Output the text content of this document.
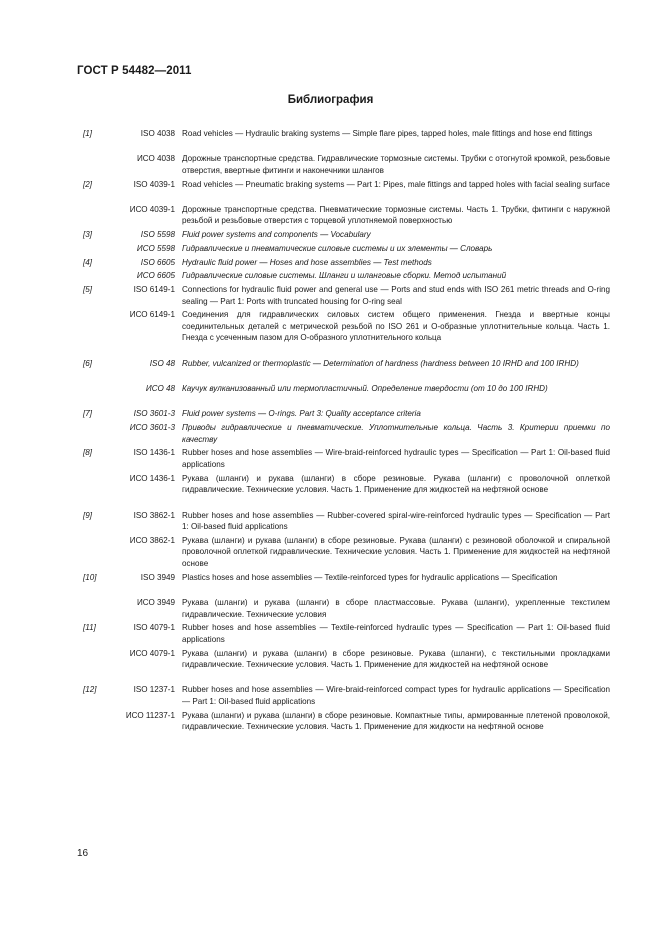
ГОСТ Р 54482—2011
Библиография
[1]	ISO 4038 Road vehicles — Hydraulic braking systems — Simple flare pipes, tapped holes, male fittings and hose end fittings
ИСО 4038 Дорожные транспортные средства. Гидравлические тормозные системы. Трубки с отогнутой кромкой, резьбовые отверстия, ввертные фитинги и наконечники шлангов
[2]	ISO 4039-1 Road vehicles — Pneumatic braking systems — Part 1: Pipes, male fittings and tapped holes with facial sealing surface
ИСО 4039-1 Дорожные транспортные средства. Пневматические тормозные системы. Часть 1. Трубки, фитинги с наружной резьбой и резьбовые отверстия с торцевой уплотняемой поверхностью
[3]	ISO 5598 Fluid power systems and components — Vocabulary
ИСО 5598 Гидравлические и пневматические силовые системы и их элементы — Словарь
[4]	ISO 6605 Hydraulic fluid power — Hoses and hose assemblies — Test methods
ИСО 6605 Гидравлические силовые системы. Шланги и шланговые сборки. Метод испытаний
[5]	ISO 6149-1 Connections for hydraulic fluid power and general use — Ports and stud ends with ISO 261 metric threads and O-ring sealing — Part 1: Ports with truncated housing for O-ring seal
ИСО 6149-1 Соединения для гидравлических силовых систем общего применения. Гнезда и ввертные концы соединительных деталей с метрической резьбой по ISO 261 и О-образные уплотнительные кольца. Часть 1. Гнезда с усеченным пазом для О-образного уплотнительного кольца
[6]	ISO 48 Rubber, vulcanized or thermoplastic — Determination of hardness (hardness between 10 IRHD and 100 IRHD)
ИСО 48 Каучук вулканизованный или термопластичный. Определение твердости (от 10 до 100 IRHD)
[7]	ISO 3601-3 Fluid power systems — O-rings. Part 3: Quality acceptance criteria
ИСО 3601-3 Приводы гидравлические и пневматические. Уплотнительные кольца. Часть 3. Критерии приемки по качеству
[8]	ISO 1436-1 Rubber hoses and hose assemblies — Wire-braid-reinforced hydraulic types — Specification — Part 1: Oil-based fluid applications
ИСО 1436-1 Рукава (шланги) и рукава (шланги) в сборе резиновые. Рукава (шланги) с проволочной оплеткой гидравлические. Технические условия. Часть 1. Применение для жидкостей на нефтяной основе
[9]	ISO 3862-1 Rubber hoses and hose assemblies — Rubber-covered spiral-wire-reinforced hydraulic types — Specification — Part 1: Oil-based fluid applications
ИСО 3862-1 Рукава (шланги) и рукава (шланги) в сборе резиновые. Рукава (шланги) с резиновой оболочкой и спиральной проволочной оплеткой гидравлические. Технические условия. Часть 1. Применение для жидкостей на нефтяной основе
[10]	ISO 3949 Plastics hoses and hose assemblies — Textile-reinforced types for hydraulic applications — Specification
ИСО 3949 Рукава (шланги) и рукава (шланги) в сборе пластмассовые. Рукава (шланги), укрепленные текстилем гидравлические. Технические условия
[11]	ISO 4079-1 Rubber hoses and hose assemblies — Textile-reinforced hydraulic types — Specification — Part 1: Oil-based fluid applications
ИСО 4079-1 Рукава (шланги) и рукава (шланги) в сборе резиновые. Рукава (шланги), с текстильными прокладками гидравлические. Технические условия. Часть 1. Применение для жидкостей на нефтяной основе
[12]	ISO 1237-1 Rubber hoses and hose assemblies — Wire-braid-reinforced compact types for hydraulic applications — Specification — Part 1: Oil-based fluid applications
ИСО 11237-1 Рукава (шланги) и рукава (шланги) в сборе резиновые. Компактные типы, армированные плетеной проволокой, гидравлические. Технические условия. Часть 1. Применение для жидкости на нефтяной основе
16
